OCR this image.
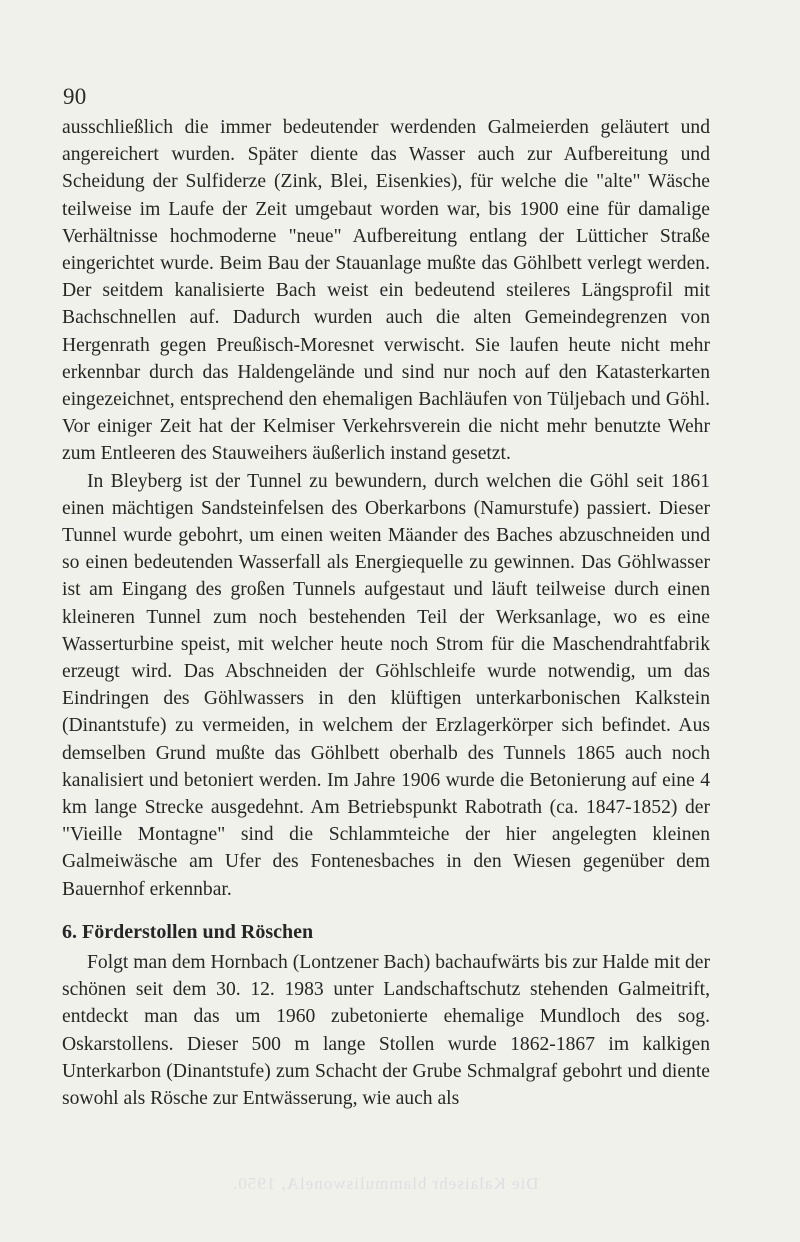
90

ausschließlich die immer bedeutender werdenden Galmeierden geläutert und angereichert wurden. Später diente das Wasser auch zur Aufbereitung und Scheidung der Sulfiderze (Zink, Blei, Eisenkies), für welche die "alte" Wäsche teilweise im Laufe der Zeit umgebaut worden war, bis 1900 eine für damalige Verhältnisse hochmoderne "neue" Aufbereitung entlang der Lütticher Straße eingerichtet wurde. Beim Bau der Stauanlage mußte das Göhlbett verlegt werden. Der seitdem kanalisierte Bach weist ein bedeutend steileres Längsprofil mit Bachschnellen auf. Dadurch wurden auch die alten Gemeindegrenzen von Hergenrath gegen Preußisch-Moresnet verwischt. Sie laufen heute nicht mehr erkennbar durch das Haldengelände und sind nur noch auf den Katasterkarten eingezeichnet, entsprechend den ehemaligen Bachläufen von Tüljebach und Göhl. Vor einiger Zeit hat der Kelmiser Verkehrsverein die nicht mehr benutzte Wehr zum Entleeren des Stauweihers äußerlich instand gesetzt.

In Bleyberg ist der Tunnel zu bewundern, durch welchen die Göhl seit 1861 einen mächtigen Sandsteinfelsen des Oberkarbons (Namurstufe) passiert. Dieser Tunnel wurde gebohrt, um einen weiten Mäander des Baches abzuschneiden und so einen bedeutenden Wasserfall als Energiequelle zu gewinnen. Das Göhlwasser ist am Eingang des großen Tunnels aufgestaut und läuft teilweise durch einen kleineren Tunnel zum noch bestehenden Teil der Werksanlage, wo es eine Wasserturbine speist, mit welcher heute noch Strom für die Maschendrahtfabrik erzeugt wird. Das Abschneiden der Göhlschleife wurde notwendig, um das Eindringen des Göhlwassers in den klüftigen unterkarbonischen Kalkstein (Dinantstufe) zu vermeiden, in welchem der Erzlagerkörper sich befindet. Aus demselben Grund mußte das Göhlbett oberhalb des Tunnels 1865 auch noch kanalisiert und betoniert werden. Im Jahre 1906 wurde die Betonierung auf eine 4 km lange Strecke ausgedehnt. Am Betriebspunkt Rabotrath (ca. 1847-1852) der "Vieille Montagne" sind die Schlammteiche der hier angelegten kleinen Galmeiwäsche am Ufer des Fontenesbaches in den Wiesen gegenüber dem Bauernhof erkennbar.

6. Förderstollen und Röschen

Folgt man dem Hornbach (Lontzener Bach) bachaufwärts bis zur Halde mit der schönen seit dem 30. 12. 1983 unter Landschaftschutz stehenden Galmeitrift, entdeckt man das um 1960 zubetonierte ehemalige Mundloch des sog. Oskarstollens. Dieser 500 m lange Stollen wurde 1862-1867 im kalkigen Unterkarbon (Dinantstufe) zum Schacht der Grube Schmalgraf gebohrt und diente sowohl als Rösche zur Entwässerung, wie auch als

Die Kalaisehr blammuliswonelA, 1950.
